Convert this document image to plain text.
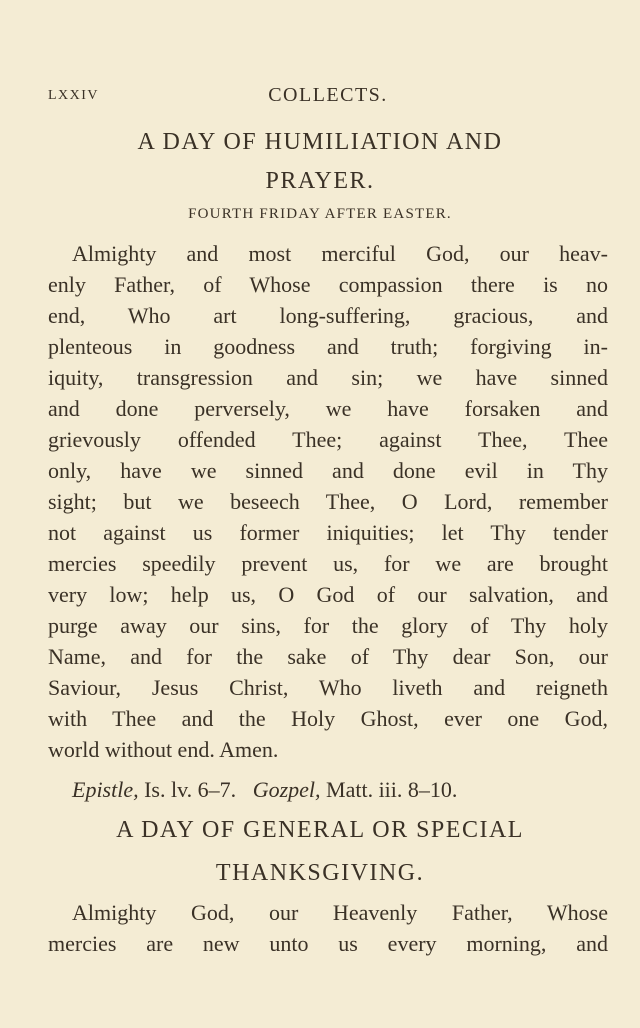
LXXIV	COLLECTS.
A DAY OF HUMILIATION AND
PRAYER.
FOURTH FRIDAY AFTER EASTER.
Almighty and most merciful God, our heav-
enly Father, of Whose compassion there is no
end, Who art long-suffering, gracious, and
plenteous in goodness and truth; forgiving in-
iquity, transgression and sin; we have sinned
and done perversely, we have forsaken and
grievously offended Thee; against Thee, Thee
only, have we sinned and done evil in Thy
sight; but we beseech Thee, O Lord, remember
not against us former iniquities; let Thy tender
mercies speedily prevent us, for we are brought
very low; help us, O God of our salvation, and
purge away our sins, for the glory of Thy holy
Name, and for the sake of Thy dear Son, our
Saviour, Jesus Christ, Who liveth and reigneth
with Thee and the Holy Ghost, ever one God,
world without end. Amen.
Epistle, Is. lv. 6–7. Gozpel, Matt. iii. 8–10.
A DAY OF GENERAL OR SPECIAL
THANKSGIVING.
Almighty God, our Heavenly Father, Whose
mercies are new unto us every morning, and
